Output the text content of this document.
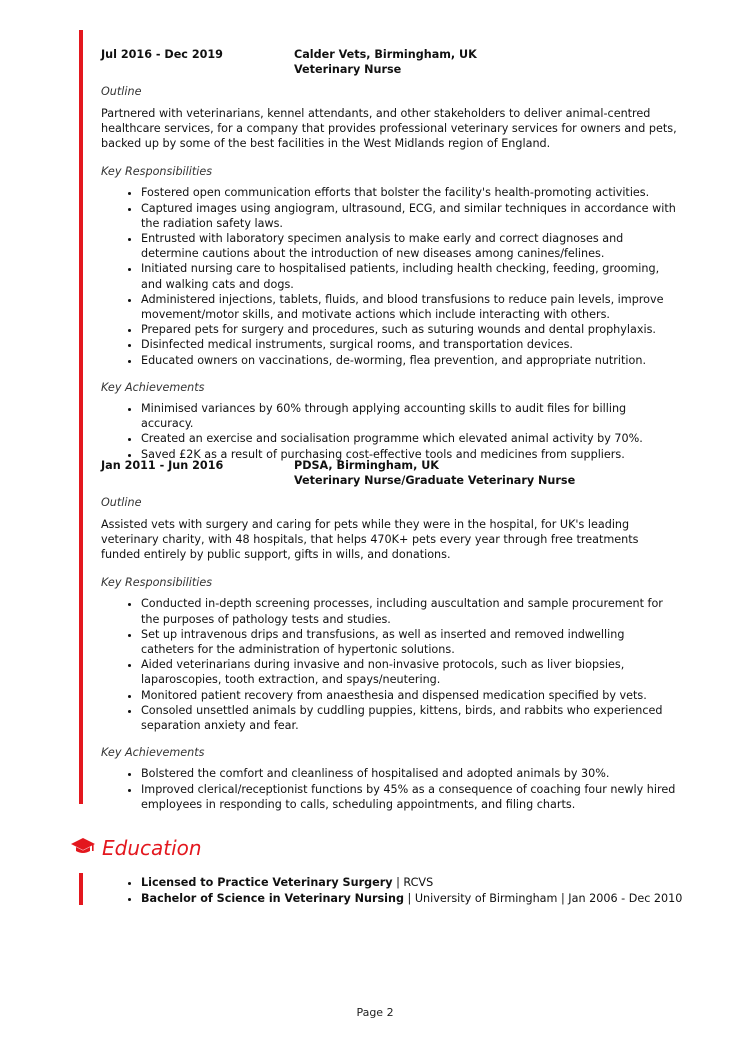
Jul 2016 - Dec 2019	Calder Vets, Birmingham, UK
Veterinary Nurse
Outline

Partnered with veterinarians, kennel attendants, and other stakeholders to deliver animal-centred healthcare services, for a company that provides professional veterinary services for owners and pets, backed up by some of the best facilities in the West Midlands region of England.

Key Responsibilities
• Fostered open communication efforts that bolster the facility's health-promoting activities.
• Captured images using angiogram, ultrasound, ECG, and similar techniques in accordance with the radiation safety laws.
• Entrusted with laboratory specimen analysis to make early and correct diagnoses and determine cautions about the introduction of new diseases among canines/felines.
• Initiated nursing care to hospitalised patients, including health checking, feeding, grooming, and walking cats and dogs.
• Administered injections, tablets, fluids, and blood transfusions to reduce pain levels, improve movement/motor skills, and motivate actions which include interacting with others.
• Prepared pets for surgery and procedures, such as suturing wounds and dental prophylaxis.
• Disinfected medical instruments, surgical rooms, and transportation devices.
• Educated owners on vaccinations, de-worming, flea prevention, and appropriate nutrition.
Key Achievements
• Minimised variances by 60% through applying accounting skills to audit files for billing accuracy.
• Created an exercise and socialisation programme which elevated animal activity by 70%.
• Saved £2K as a result of purchasing cost-effective tools and medicines from suppliers.
Jan 2011 - Jun 2016	PDSA, Birmingham, UK
Veterinary Nurse/Graduate Veterinary Nurse
Outline

Assisted vets with surgery and caring for pets while they were in the hospital, for UK's leading veterinary charity, with 48 hospitals, that helps 470K+ pets every year through free treatments funded entirely by public support, gifts in wills, and donations.

Key Responsibilities
• Conducted in-depth screening processes, including auscultation and sample procurement for the purposes of pathology tests and studies.
• Set up intravenous drips and transfusions, as well as inserted and removed indwelling catheters for the administration of hypertonic solutions.
• Aided veterinarians during invasive and non-invasive protocols, such as liver biopsies, laparoscopies, tooth extraction, and spays/neutering.
• Monitored patient recovery from anaesthesia and dispensed medication specified by vets.
• Consoled unsettled animals by cuddling puppies, kittens, birds, and rabbits who experienced separation anxiety and fear.
Key Achievements
• Bolstered the comfort and cleanliness of hospitalised and adopted animals by 30%.
• Improved clerical/receptionist functions by 45% as a consequence of coaching four newly hired employees in responding to calls, scheduling appointments, and filing charts.
Education
• Licensed to Practice Veterinary Surgery | RCVS
• Bachelor of Science in Veterinary Nursing | University of Birmingham | Jan 2006 - Dec 2010
Page 2
